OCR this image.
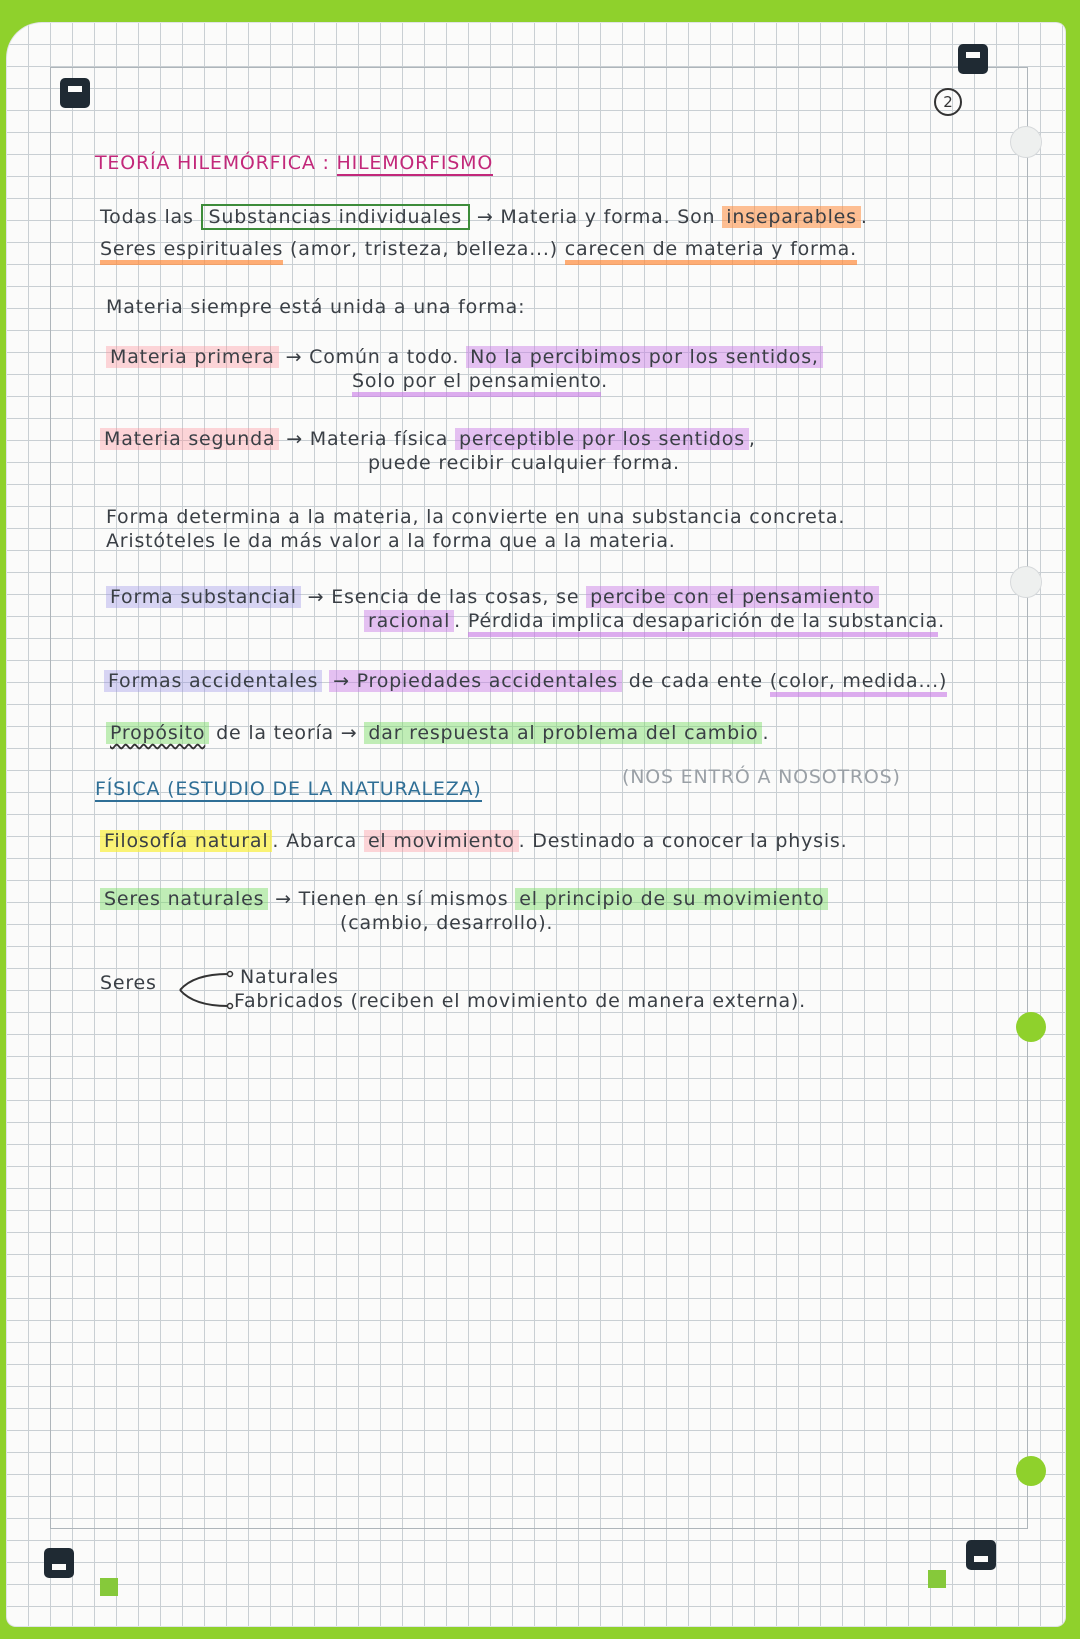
2
TEORÍA HILEMÓRFICA : HILEMORFISMO
Todas las Substancias individuales → Materia y forma. Son inseparables .
Seres espirituales (amor, tristeza, belleza...) carecen de materia y forma.
Materia siempre está unida a una forma:
Materia primera → Común a todo. No la percibimos por los sentidos,
Solo por el pensamiento.
Materia segunda → Materia física perceptible por los sentidos ,
puede recibir cualquier forma.
Forma determina a la materia, la convierte en una substancia concreta.
Aristóteles le da más valor a la forma que a la materia.
Forma substancial → Esencia de las cosas, se percibe con el pensamiento
racional . Pérdida implica desaparición de la substancia.
Formas accidentales → Propiedades accidentales de cada ente (color, medida...)
Propósito de la teoría → dar respuesta al problema del cambio .
FÍSICA (ESTUDIO DE LA NATURALEZA)
(NOS ENTRÓ A NOSOTROS)
Filosofía natural . Abarca el movimiento . Destinado a conocer la physis.
Seres naturales → Tienen en sí mismos el principio de su movimiento
(cambio, desarrollo).
Seres	Naturales
Fabricados (reciben el movimiento de manera externa).
